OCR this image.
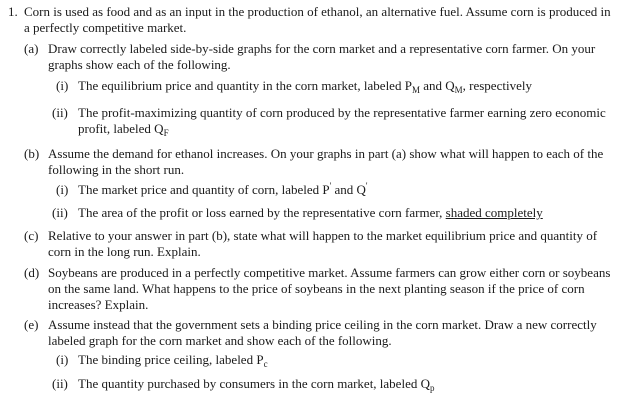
1. Corn is used as food and as an input in the production of ethanol, an alternative fuel. Assume corn is produced in
a perfectly competitive market.
(a) Draw correctly labeled side-by-side graphs for the corn market and a representative corn farmer. On your
graphs show each of the following.
(i) The equilibrium price and quantity in the corn market, labeled $P_M$ and $Q_M$, respectively
(ii) The profit-maximizing quantity of corn produced by the representative farmer earning zero economic
profit, labeled $Q_F$
(b) Assume the demand for ethanol increases. On your graphs in part (a) show what will happen to each of the
following in the short run.
(i) The market price and quantity of corn, labeled P' and Q'
(ii) The area of the profit or loss earned by the representative corn farmer, shaded completely
(c) Relative to your answer in part (b), state what will happen to the market equilibrium price and quantity of
corn in the long run. Explain.
(d) Soybeans are produced in a perfectly competitive market. Assume farmers can grow either corn or soybeans
on the same land. What happens to the price of soybeans in the next planting season if the price of corn
increases? Explain.
(e) Assume instead that the government sets a binding price ceiling in the corn market. Draw a new correctly
labeled graph for the corn market and show each of the following.
(i) The binding price ceiling, labeled $P_c$
(ii) The quantity purchased by consumers in the corn market, labeled $Q_p$
